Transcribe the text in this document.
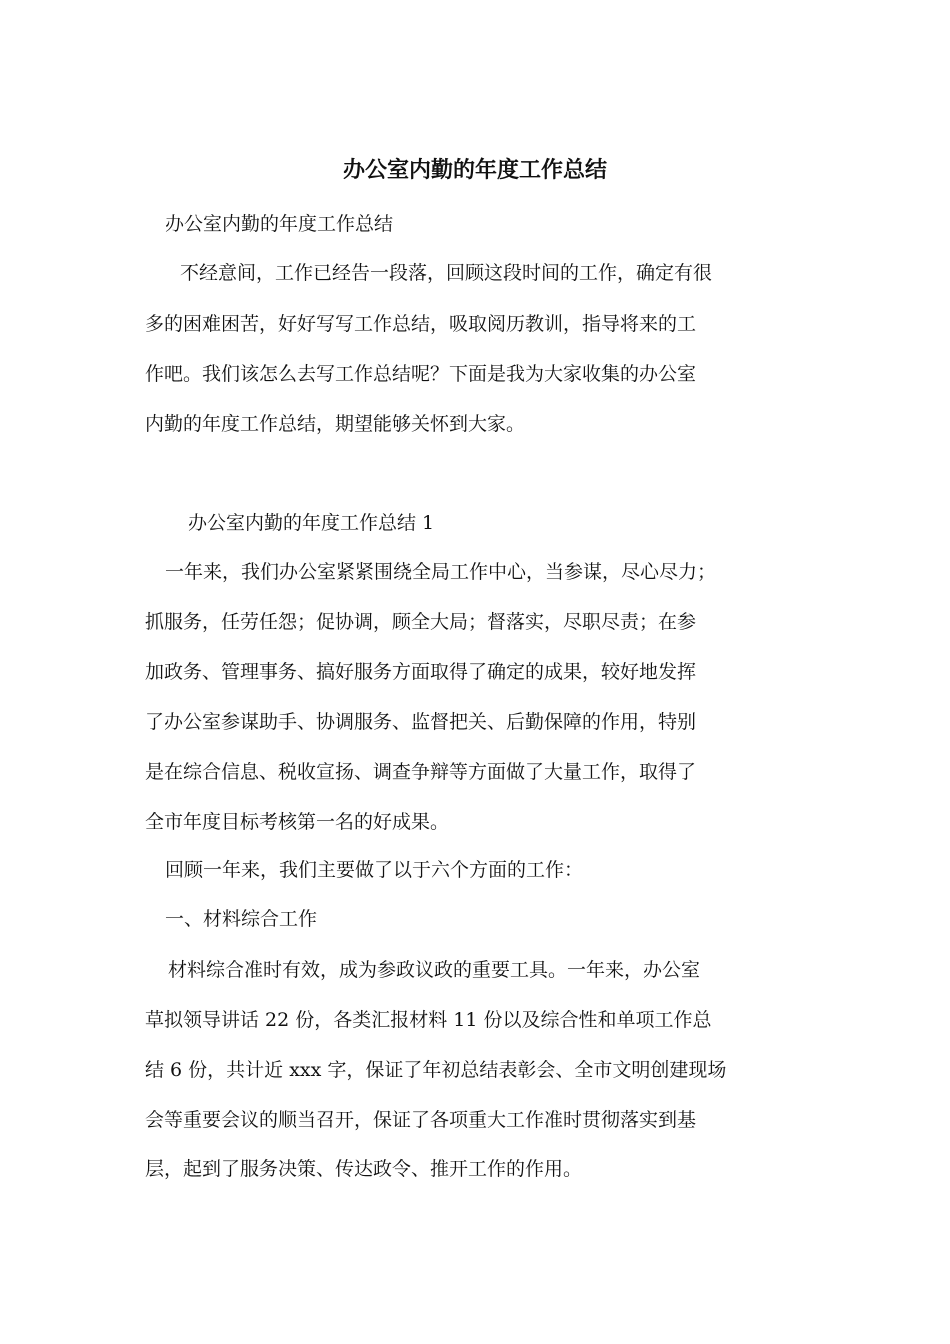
办公室内勤的年度工作总结

办公室内勤的年度工作总结

不经意间，工作已经告一段落，回顾这段时间的工作，确定有很

多的困难困苦，好好写写工作总结，吸取阅历教训，指导将来的工

作吧。我们该怎么去写工作总结呢？下面是我为大家收集的办公室

内勤的年度工作总结，期望能够关怀到大家。

办公室内勤的年度工作总结 1

一年来，我们办公室紧紧围绕全局工作中心，当参谋，尽心尽力；

抓服务，任劳任怨；促协调，顾全大局；督落实，尽职尽责；在参

加政务、管理事务、搞好服务方面取得了确定的成果，较好地发挥

了办公室参谋助手、协调服务、监督把关、后勤保障的作用，特别

是在综合信息、税收宣扬、调查争辩等方面做了大量工作，取得了

全市年度目标考核第一名的好成果。

回顾一年来，我们主要做了以于六个方面的工作：

一、材料综合工作

材料综合准时有效，成为参政议政的重要工具。一年来，办公室

草拟领导讲话 22 份，各类汇报材料 11 份以及综合性和单项工作总

结 6 份，共计近 xxx 字，保证了年初总结表彰会、全市文明创建现场

会等重要会议的顺当召开，保证了各项重大工作准时贯彻落实到基

层，起到了服务决策、传达政令、推开工作的作用。
